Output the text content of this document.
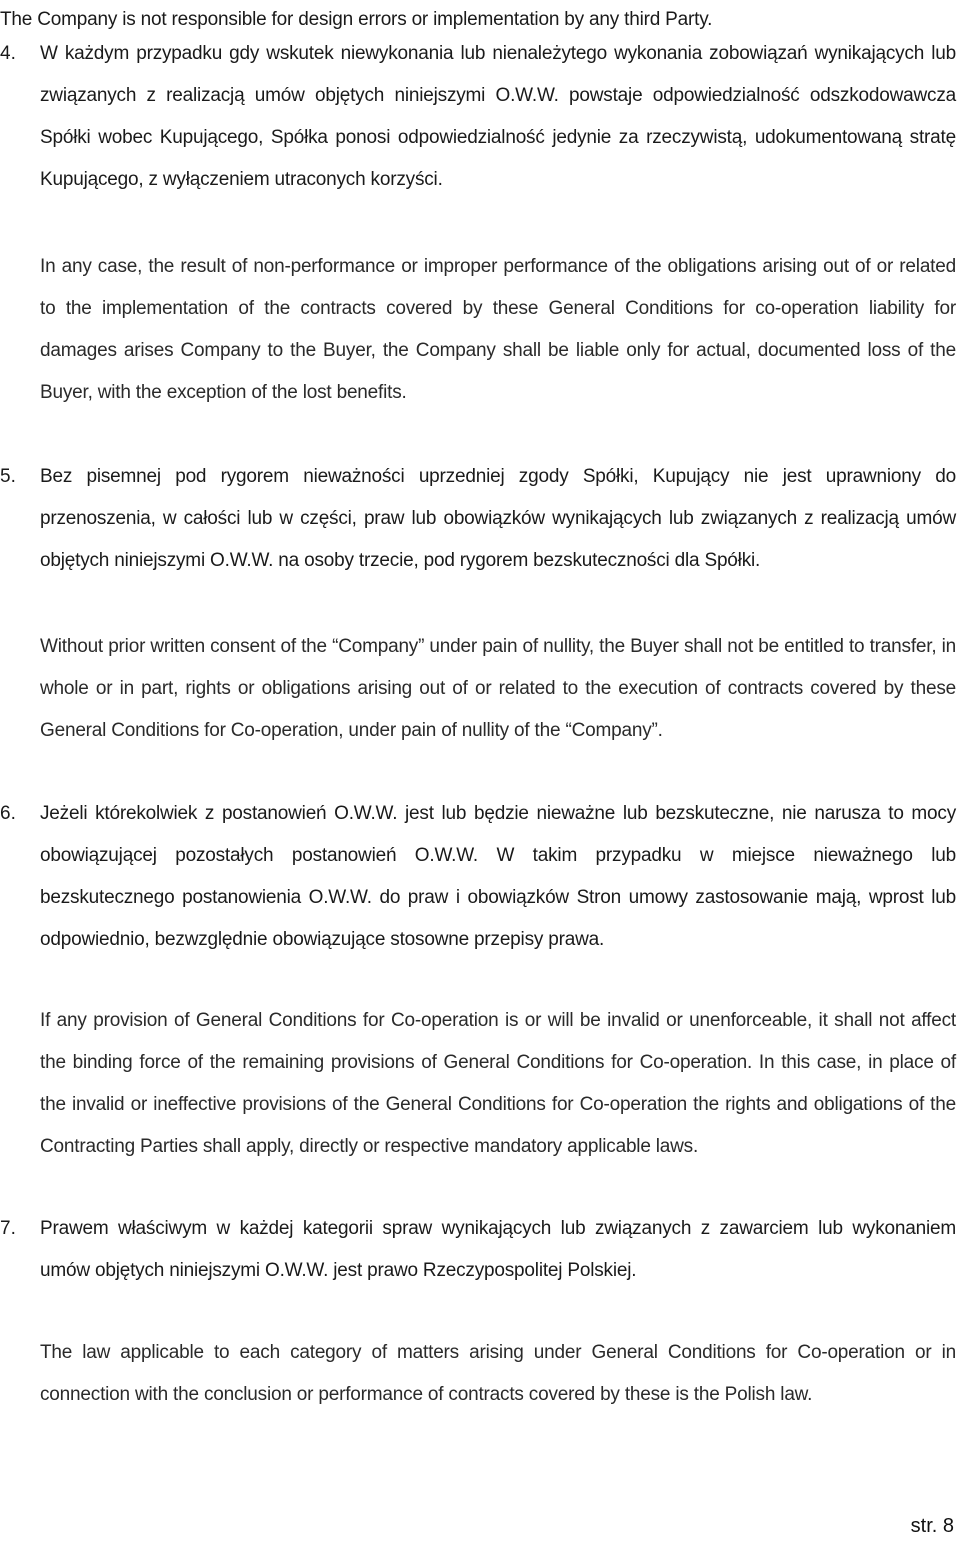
The Company is not responsible for design errors or implementation by any third Party.
4. W każdym przypadku gdy wskutek niewykonania lub nienależytego wykonania zobowiązań wynikających lub związanych z realizacją umów objętych niniejszymi O.W.W. powstaje odpowiedzialność odszkodowawcza Spółki wobec Kupującego, Spółka ponosi odpowiedzialność jedynie za rzeczywistą, udokumentowaną stratę Kupującego, z wyłączeniem utraconych korzyści.
In any case, the result of non-performance or improper performance of the obligations arising out of or related to the implementation of the contracts covered by these General Conditions for co-operation liability for damages arises Company to the Buyer, the Company shall be liable only for actual, documented loss of the Buyer, with the exception of the lost benefits.
5. Bez pisemnej pod rygorem nieważności uprzedniej zgody Spółki, Kupujący nie jest uprawniony do przenoszenia, w całości lub w części, praw lub obowiązków wynikających lub związanych z realizacją umów objętych niniejszymi O.W.W. na osoby trzecie, pod rygorem bezskuteczności dla Spółki.
Without prior written consent of the “Company” under pain of nullity, the Buyer shall not be entitled to transfer, in whole or in part, rights or obligations arising out of or related to the execution of contracts covered by these General Conditions for Co-operation, under pain of nullity of the “Company”.
6. Jeżeli którekolwiek z postanowień O.W.W. jest lub będzie nieważne lub bezskuteczne, nie narusza to mocy obowiązującej pozostałych postanowień O.W.W. W takim przypadku w miejsce nieważnego lub bezskutecznego postanowienia O.W.W. do praw i obowiązków Stron umowy zastosowanie mają, wprost lub odpowiednio, bezwzględnie obowiązujące stosowne przepisy prawa.
If any provision of General Conditions for Co-operation is or will be invalid or unenforceable, it shall not affect the binding force of the remaining provisions of General Conditions for Co-operation. In this case, in place of the invalid or ineffective provisions of the General Conditions for Co-operation the rights and obligations of the Contracting Parties shall apply, directly or respective mandatory applicable laws.
7. Prawem właściwym w każdej kategorii spraw wynikających lub związanych z zawarciem lub wykonaniem umów objętych niniejszymi O.W.W. jest prawo Rzeczypospolitej Polskiej.
The law applicable to each category of matters arising under General Conditions for Co-operation or in connection with the conclusion or performance of contracts covered by these is the Polish law.
str. 8
